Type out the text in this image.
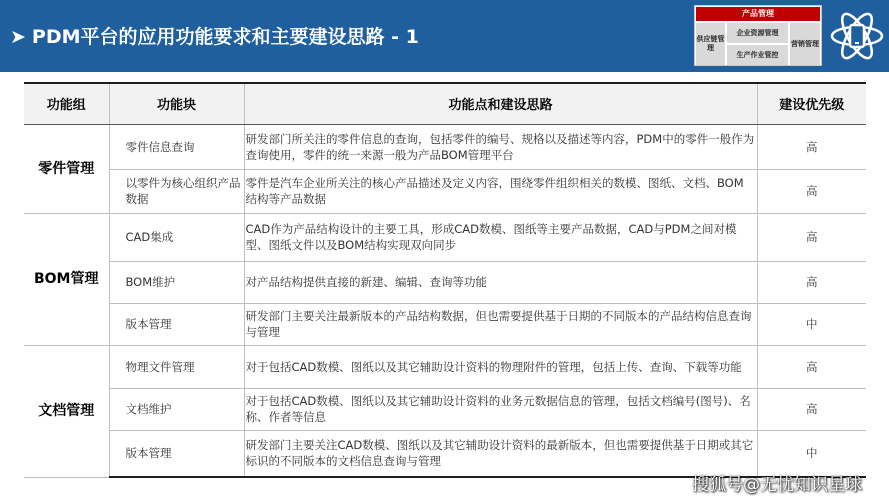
➤ PDM平台的应用功能要求和主要建设思路 - 1
产品管理
供应链管理
企业资源管理
生产作业管控
营销管理
功能组	功能块	功能点和建设思路	建设优先级
零件管理	零件信息查询	研发部门所关注的零件信息的查询，包括零件的编号、规格以及描述等内容，PDM中的零件一般作为查询使用，零件的统一来源一般为产品BOM管理平台	高
	以零件为核心组织产品数据	零件是汽车企业所关注的核心产品描述及定义内容，围绕零件组织相关的数模、图纸、文档、BOM结构等产品数据	高
BOM管理	CAD集成	CAD作为产品结构设计的主要工具，形成CAD数模、图纸等主要产品数据，CAD与PDM之间对模型、图纸文件以及BOM结构实现双向同步	高
	BOM维护	对产品结构提供直接的新建、编辑、查询等功能	高
	版本管理	研发部门主要关注最新版本的产品结构数据，但也需要提供基于日期的不同版本的产品结构信息查询与管理	中
文档管理	物理文件管理	对于包括CAD数模、图纸以及其它辅助设计资料的物理附件的管理，包括上传、查询、下载等功能	高
	文档维护	对于包括CAD数模、图纸以及其它辅助设计资料的业务元数据信息的管理，包括文档编号(图号)、名称、作者等信息	高
	版本管理	研发部门主要关注CAD数模、图纸以及其它辅助设计资料的最新版本，但也需要提供基于日期或其它标识的不同版本的文档信息查询与管理	中
搜狐号@无忧知识星球
